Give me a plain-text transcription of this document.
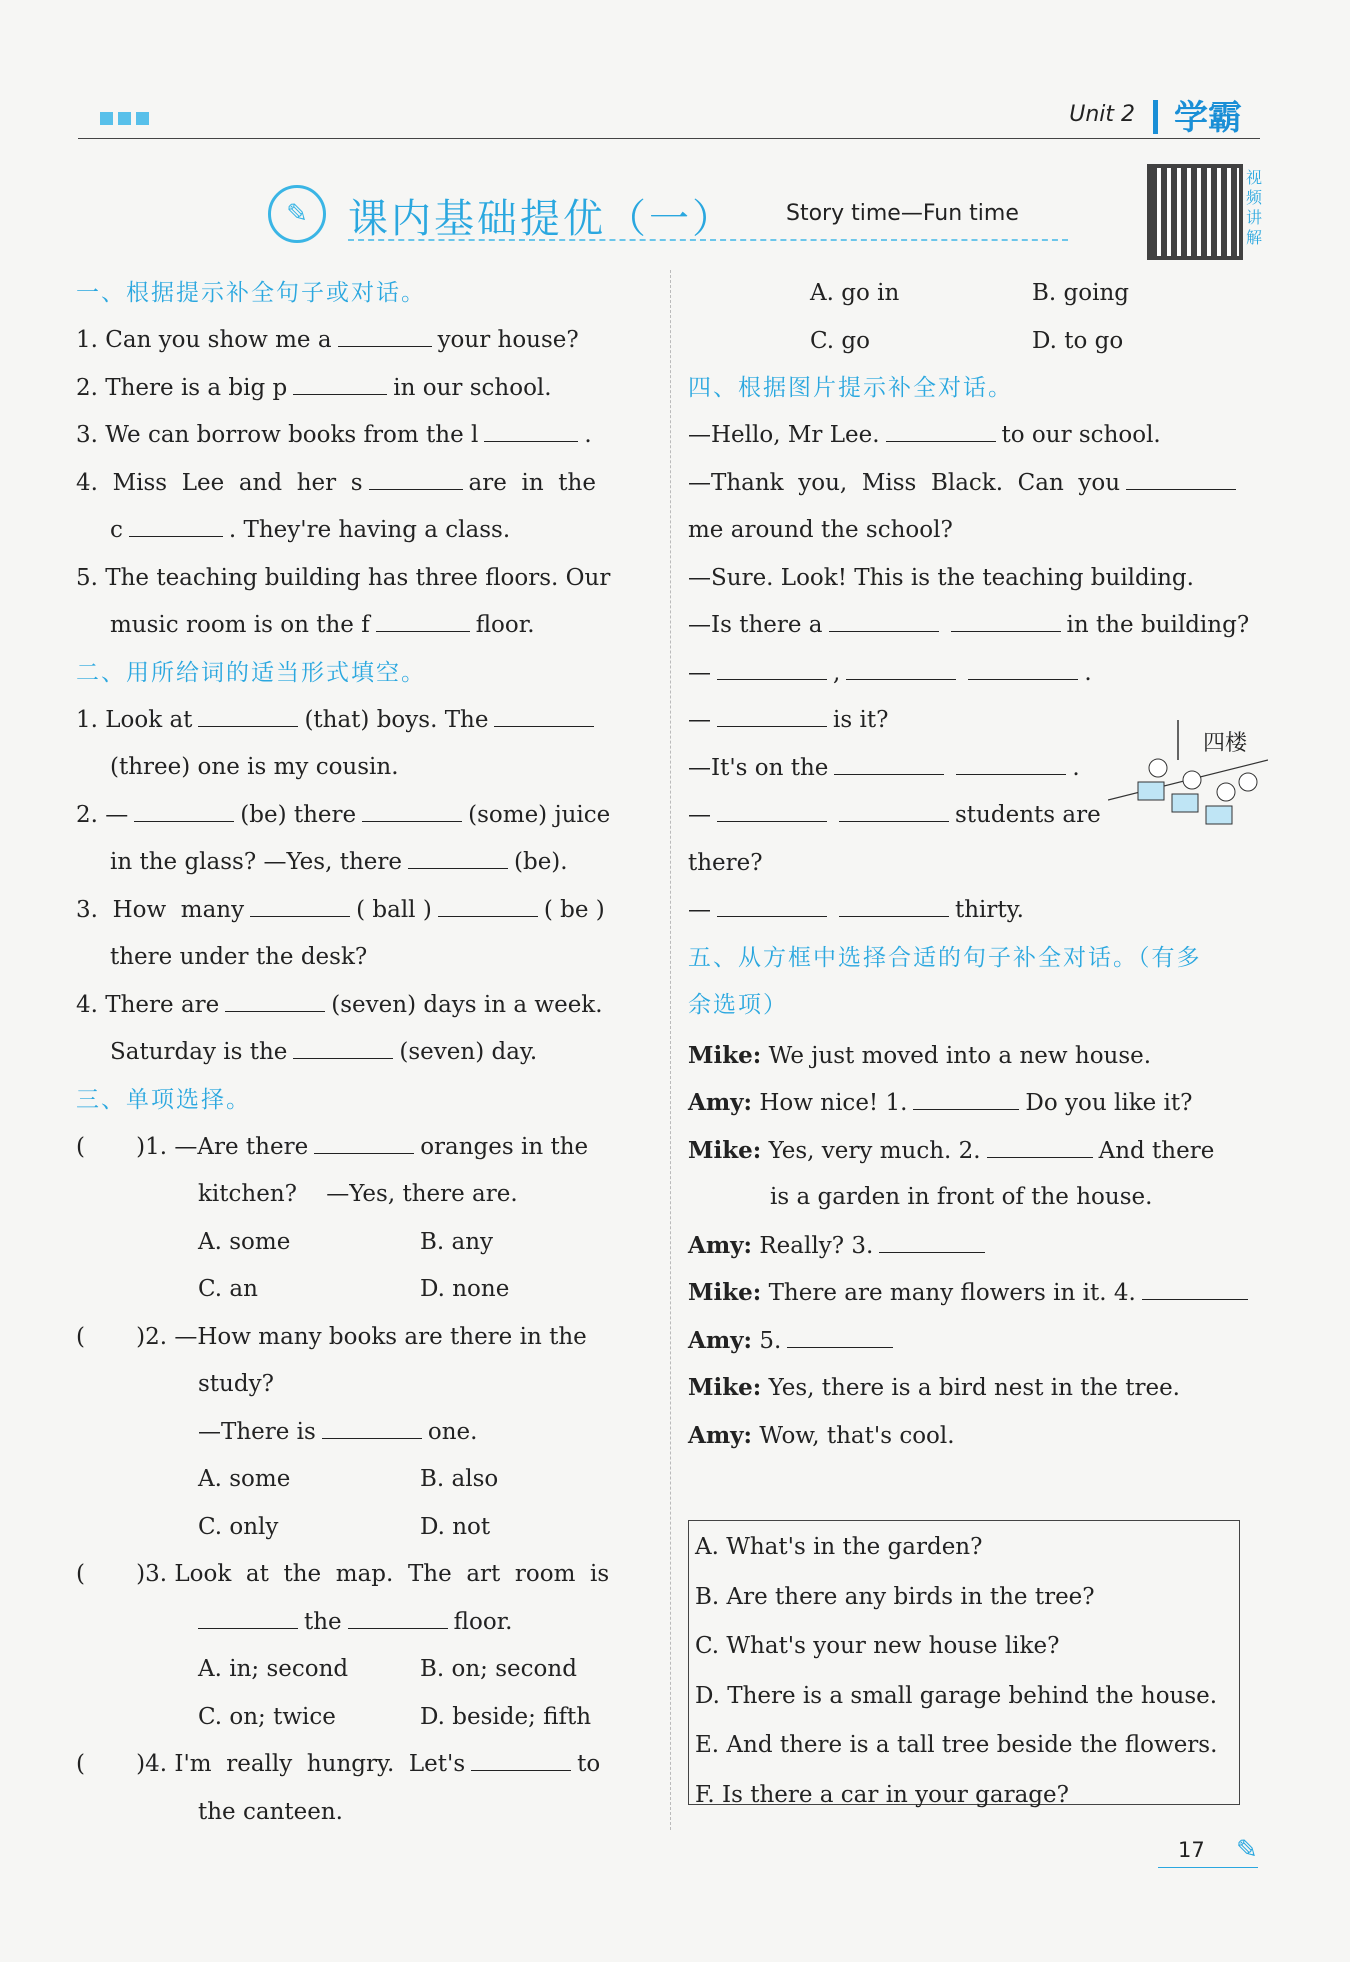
Unit 2 学霸
✎	课内基础提优（一） Story time—Fun time
视频讲解
一、根据提示补全句子或对话。
1. Can you show me a	your house?
2. There is a big p	in our school.
3. We can borrow books from the l	.
4.  Miss  Lee  and  her  s	are  in  the
c	. They're having a class.
5. The teaching building has three floors. Our
music room is on the f	floor.
二、用所给词的适当形式填空。
1. Look at	(that) boys. The
(three) one is my cousin.
2. —	(be) there	(some) juice
in the glass? —Yes, there	(be).
3.  How  many	( ball )	( be )
there under the desk?
4. There are	(seven) days in a week.
Saturday is the	(seven) day.
三、单项选择。
(       )1. —Are there	oranges in the
kitchen?    —Yes, there are.
A. some	B. any
C. an	D. none
(       )2. —How many books are there in the
study?
—There is	one.
A. some	B. also
C. only	D. not
(       )3. Look  at  the  map.  The  art  room  is
the	floor.
A. in; second	B. on; second
C. on; twice	D. beside; fifth
(       )4. I'm  really  hungry.  Let's	to
the canteen.
A. go in	B. going
C. go	D. to go
四、根据图片提示补全对话。
—Hello, Mr Lee.	to our school.
—Thank  you,  Miss  Black.  Can  you
me around the school?
—Sure. Look! This is the teaching building.
—Is there a	in the building?
—	,	.
—	is it?
—It's on the	.
—	students are
there?
—	thirty.
五、从方框中选择合适的句子补全对话。（有多
余选项）
Mike: We just moved into a new house.
Amy: How nice! 1.	Do you like it?
Mike: Yes, very much. 2.	And there
is a garden in front of the house.
Amy: Really? 3.
Mike: There are many flowers in it. 4.
Amy: 5.
Mike: Yes, there is a bird nest in the tree.
Amy: Wow, that's cool.
四楼
A. What's in the garden?
B. Are there any birds in the tree?
C. What's your new house like?
D. There is a small garage behind the house.
E. And there is a tall tree beside the flowers.
F. Is there a car in your garage?
17 ✎
